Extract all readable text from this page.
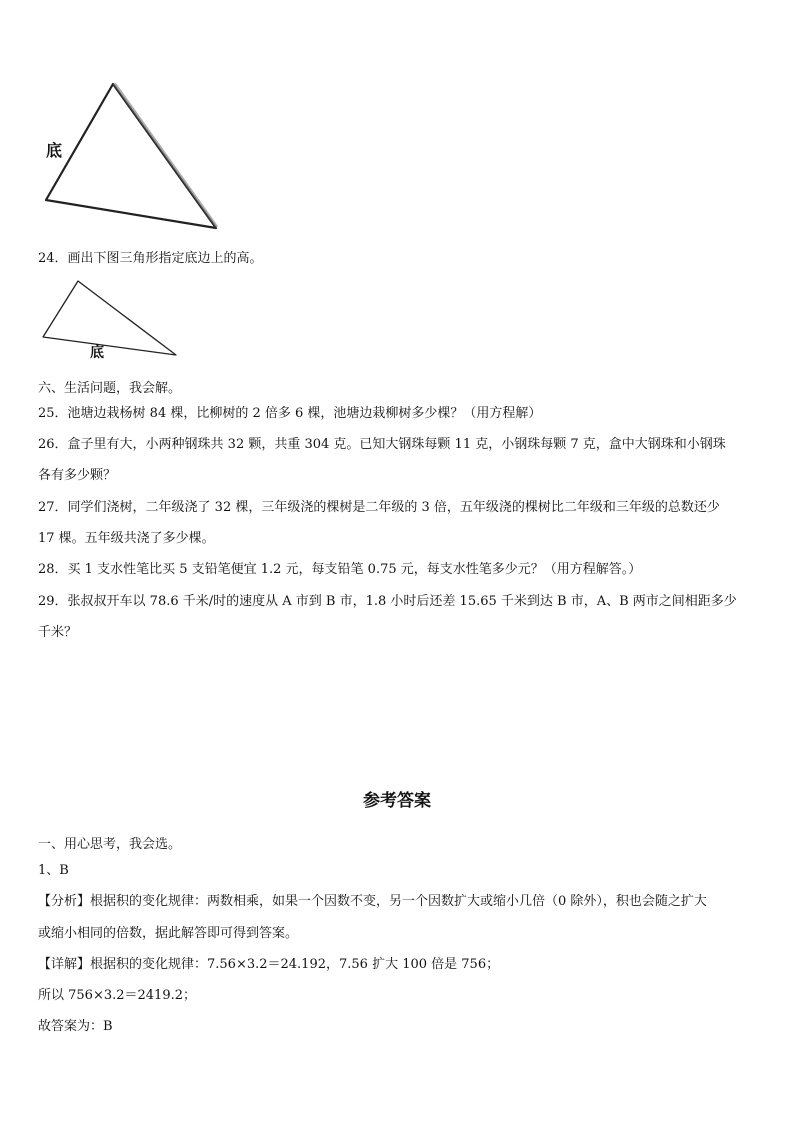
底
24．画出下图三角形指定底边上的高。
底
六、生活问题，我会解。
25．池塘边栽杨树 84 棵，比柳树的 2 倍多 6 棵，池塘边栽柳树多少棵？（用方程解）
26．盒子里有大，小两种钢珠共 32 颗，共重 304 克。已知大钢珠每颗 11 克，小钢珠每颗 7 克，盒中大钢珠和小钢珠
各有多少颗？
27．同学们浇树，二年级浇了 32 棵，三年级浇的棵树是二年级的 3 倍，五年级浇的棵树比二年级和三年级的总数还少
17 棵。五年级共浇了多少棵。
28．买 1 支水性笔比买 5 支铅笔便宜 1.2 元，每支铅笔 0.75 元，每支水性笔多少元？（用方程解答。）
29．张叔叔开车以 78.6 千米/时的速度从 A 市到 B 市，1.8 小时后还差 15.65 千米到达 B 市，A、B 两市之间相距多少
千米？
参考答案
一、用心思考，我会选。
1、B
【分析】根据积的变化规律：两数相乘，如果一个因数不变，另一个因数扩大或缩小几倍（0 除外），积也会随之扩大
或缩小相同的倍数，据此解答即可得到答案。
【详解】根据积的变化规律：7.56×3.2＝24.192，7.56 扩大 100 倍是 756；
所以 756×3.2＝2419.2；
故答案为：B
